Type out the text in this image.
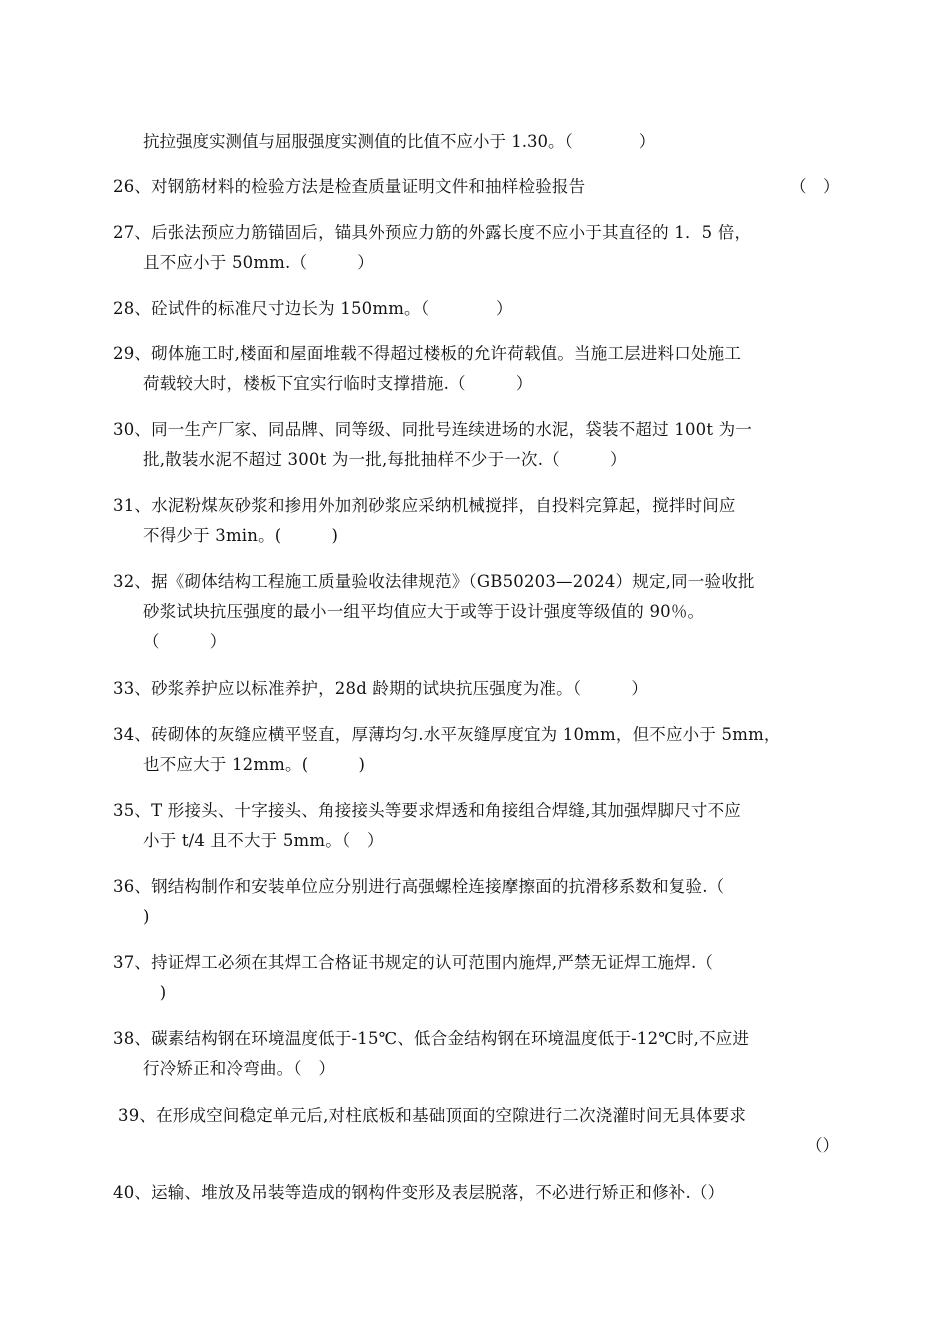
抗拉强度实测值与屈服强度实测值的比值不应小于 1.30。（　　　　）
26、对钢筋材料的检验方法是检查质量证明文件和抽样检验报告	（　）
27、后张法预应力筋锚固后，锚具外预应力筋的外露长度不应小于其直径的 1．5 倍，
且不应小于 50mm.（　　　）
28、砼试件的标准尺寸边长为 150mm。（　　　　）
29、砌体施工时,楼面和屋面堆载不得超过楼板的允许荷载值。当施工层进料口处施工
荷载较大时，楼板下宜实行临时支撑措施.（　　　）
30、同一生产厂家、同品牌、同等级、同批号连续进场的水泥，袋装不超过 100t 为一
批,散装水泥不超过 300t 为一批,每批抽样不少于一次.（　　　）
31、水泥粉煤灰砂浆和掺用外加剂砂浆应采纳机械搅拌，自投料完算起，搅拌时间应
不得少于 3min。(　　　)
32、据《砌体结构工程施工质量验收法律规范》（GB50203—2024）规定,同一验收批
砂浆试块抗压强度的最小一组平均值应大于或等于设计强度等级值的 90％。
（　　　）
33、砂浆养护应以标准养护，28d 龄期的试块抗压强度为准。（　　　）
34、砖砌体的灰缝应横平竖直，厚薄均匀.水平灰缝厚度宜为 10mm，但不应小于 5mm，
也不应大于 12mm。(　　　)
35、T 形接头、十字接头、角接接头等要求焊透和角接组合焊缝,其加强焊脚尺寸不应
小于 t/4 且不大于 5mm。（　）
36、钢结构制作和安装单位应分别进行高强螺栓连接摩擦面的抗滑移系数和复验.（
)
37、持证焊工必须在其焊工合格证书规定的认可范围内施焊,严禁无证焊工施焊.（
　)
38、碳素结构钢在环境温度低于-15℃、低合金结构钢在环境温度低于-12℃时,不应进
行冷矫正和冷弯曲。（　）
39、在形成空间稳定单元后,对柱底板和基础顶面的空隙进行二次浇灌时间无具体要求
（）
40、运输、堆放及吊装等造成的钢构件变形及表层脱落，不必进行矫正和修补.（）
